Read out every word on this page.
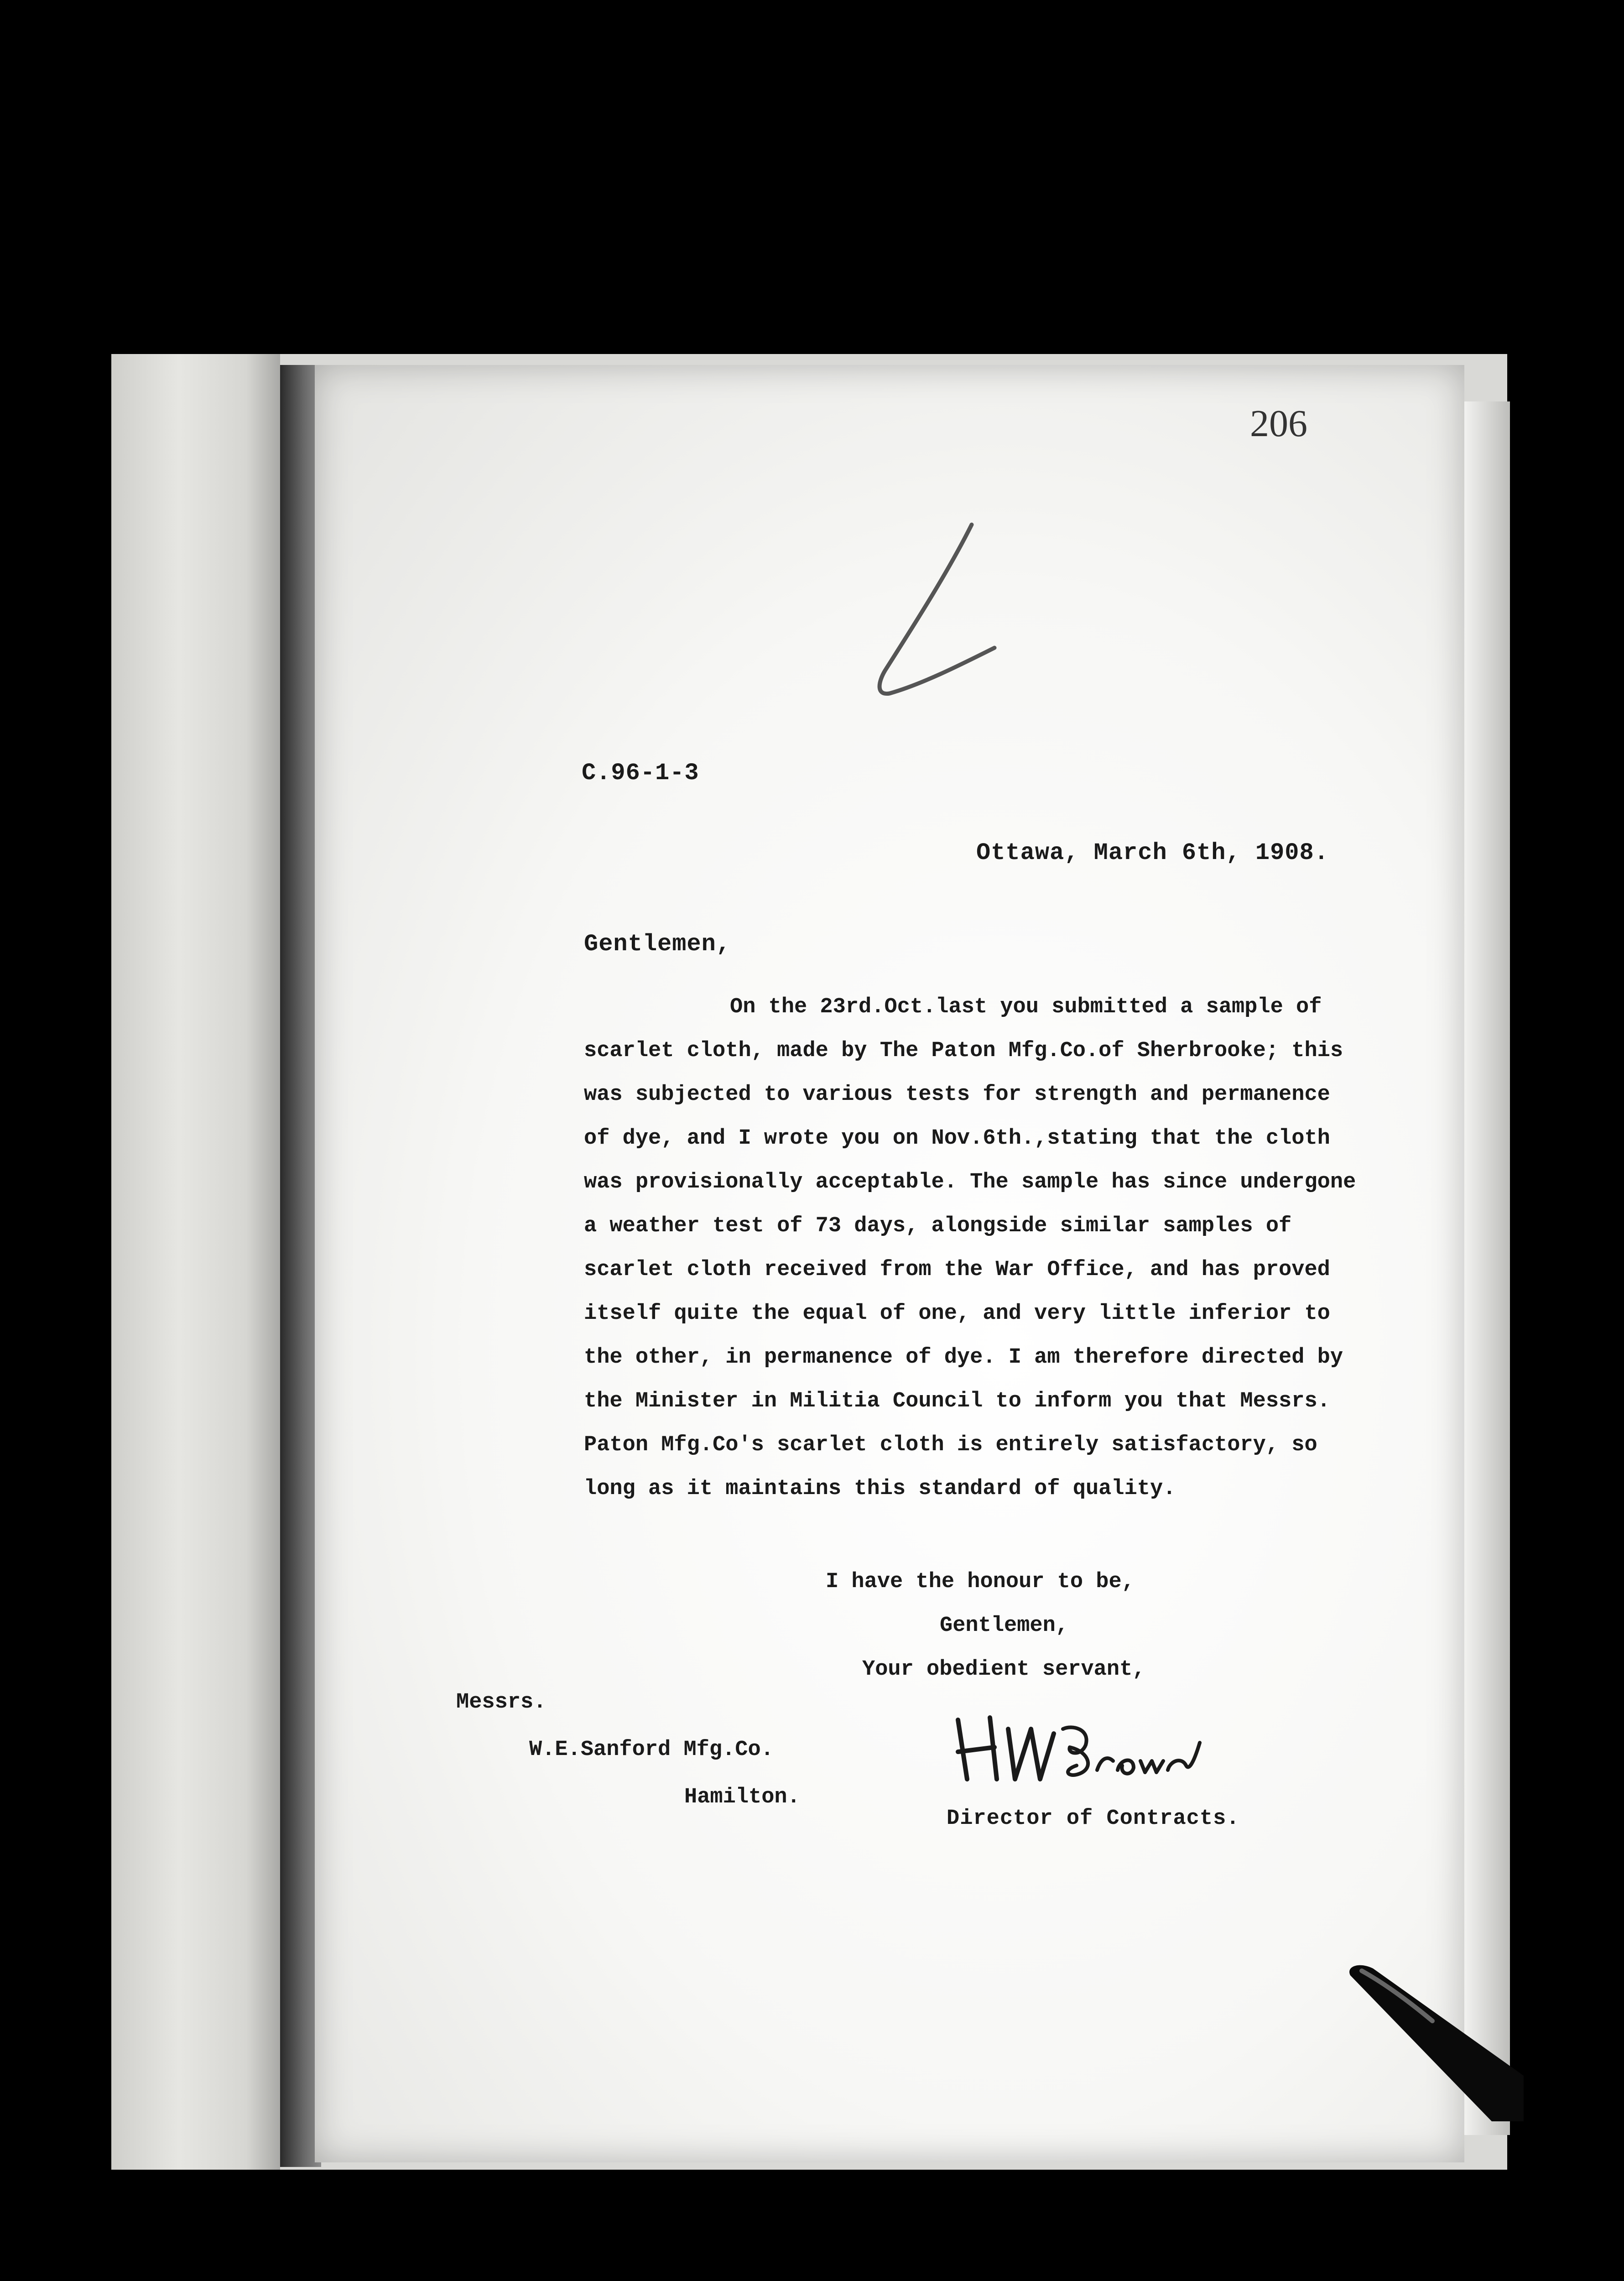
206
C.96-1-3
Ottawa, March 6th, 1908.
Gentlemen,
On the 23rd.Oct.last you submitted a sample of
scarlet cloth, made by The Paton Mfg.Co.of Sherbrooke; this
was subjected to various tests for strength and permanence
of dye, and I wrote you on Nov.6th.,stating that the cloth
was provisionally acceptable. The sample has since undergone
a weather test of 73 days, alongside similar samples of
scarlet cloth received from the War Office, and has proved
itself quite the equal of one, and very little inferior to
the other, in permanence of dye. I am therefore directed by
the Minister in Militia Council to inform you that Messrs.
Paton Mfg.Co's scarlet cloth is entirely satisfactory, so
long as it maintains this standard of quality.
I have the honour to be,
Gentlemen,
Your obedient servant,
Messrs.
W.E.Sanford Mfg.Co.
Hamilton.
Director of Contracts.
